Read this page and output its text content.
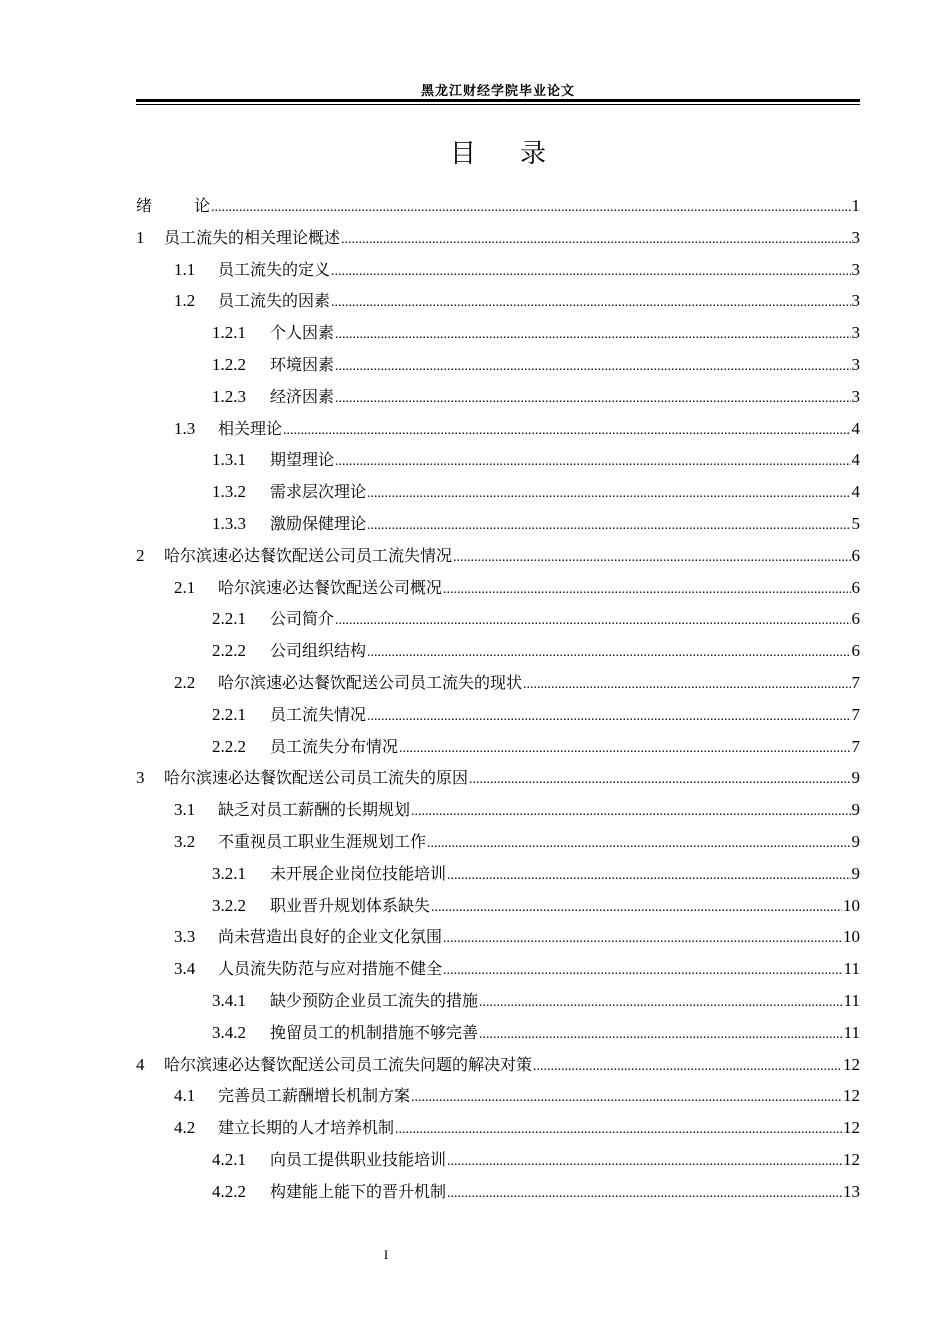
黑龙江财经学院毕业论文
目 录
绪	论 .....	1
1	员工流失的相关理论概述 .....	3
1.1	员工流失的定义 .....	3
1.2	员工流失的因素 .....	3
1.2.1	个人因素 .....	3
1.2.2	环境因素 .....	3
1.2.3	经济因素 .....	3
1.3	相关理论 .....	4
1.3.1	期望理论 .....	4
1.3.2	需求层次理论 .....	4
1.3.3	激励保健理论 .....	5
2	哈尔滨速必达餐饮配送公司员工流失情况 .....	6
2.1	哈尔滨速必达餐饮配送公司概况 .....	6
2.2.1	公司简介 .....	6
2.2.2	公司组织结构 .....	6
2.2	哈尔滨速必达餐饮配送公司员工流失的现状 .....	7
2.2.1	员工流失情况 .....	7
2.2.2	员工流失分布情况 .....	7
3	哈尔滨速必达餐饮配送公司员工流失的原因 .....	9
3.1	缺乏对员工薪酬的长期规划 .....	9
3.2	不重视员工职业生涯规划工作 .....	9
3.2.1	未开展企业岗位技能培训 .....	9
3.2.2	职业晋升规划体系缺失 .....	10
3.3	尚未营造出良好的企业文化氛围 .....	10
3.4	人员流失防范与应对措施不健全 .....	11
3.4.1	缺少预防企业员工流失的措施 .....	11
3.4.2	挽留员工的机制措施不够完善 .....	11
4	哈尔滨速必达餐饮配送公司员工流失问题的解决对策 .....	12
4.1	完善员工薪酬增长机制方案 .....	12
4.2	建立长期的人才培养机制 .....	12
4.2.1	向员工提供职业技能培训 .....	12
4.2.2	构建能上能下的晋升机制 .....	13
I
